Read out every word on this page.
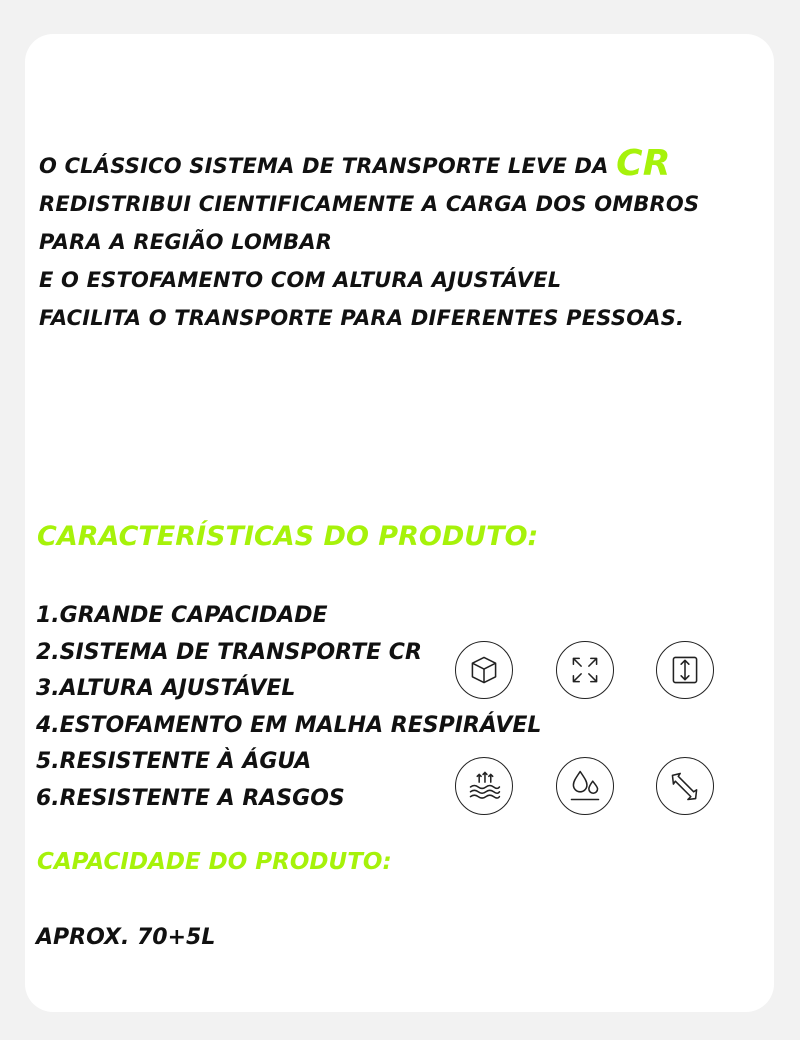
O CLÁSSICO SISTEMA DE TRANSPORTE LEVE DA CR
REDISTRIBUI CIENTIFICAMENTE A CARGA DOS OMBROS
PARA A REGIÃO LOMBAR
E O ESTOFAMENTO COM ALTURA AJUSTÁVEL
FACILITA O TRANSPORTE PARA DIFERENTES PESSOAS.
CARACTERÍSTICAS DO PRODUTO:
1.GRANDE CAPACIDADE
2.SISTEMA DE TRANSPORTE CR
3.ALTURA AJUSTÁVEL
4.ESTOFAMENTO EM MALHA RESPIRÁVEL
5.RESISTENTE À ÁGUA
6.RESISTENTE A RASGOS
CAPACIDADE DO PRODUTO:
APROX. 70+5L
